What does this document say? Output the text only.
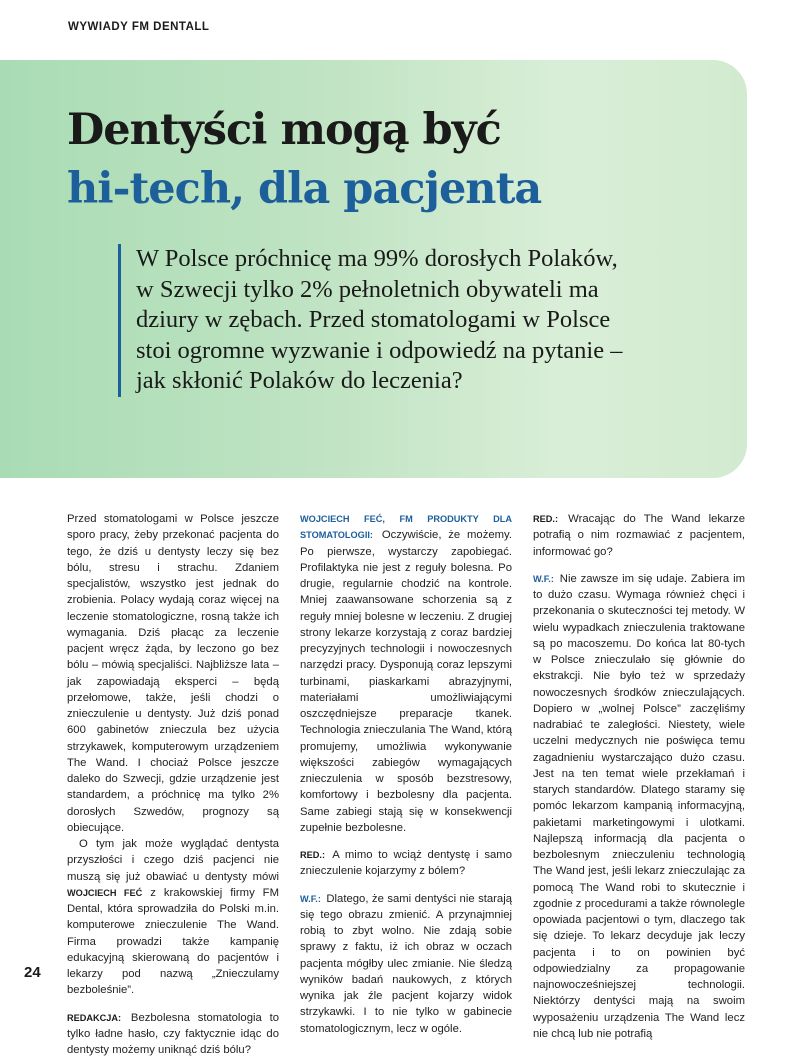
WYWIADY FM DENTALL
Dentyści mogą być
hi-tech, dla pacjenta

W Polsce próchnicę ma 99% dorosłych Polaków, w Szwecji tylko 2% pełnoletnich obywateli ma dziury w zębach. Przed stomatologami w Polsce stoi ogromne wyzwanie i odpowiedź na pytanie – jak skłonić Polaków do leczenia?

Przed stomatologami w Polsce jeszcze sporo pracy, żeby przekonać pacjenta do tego, że dziś u dentysty leczy się bez bólu, stresu i strachu. Zdaniem specjalistów, wszystko jest jednak do zrobienia. Polacy wydają coraz więcej na leczenie stomatologiczne, rosną także ich wymagania. Dziś płacąc za leczenie pacjent wręcz żąda, by leczono go bez bólu – mówią specjaliści. Najbliższe lata – jak zapowiadają eksperci – będą przełomowe, także, jeśli chodzi o znieczulenie u dentysty. Już dziś ponad 600 gabinetów znieczula bez użycia strzykawek, komputerowym urządzeniem The Wand. I chociaż Polsce jeszcze daleko do Szwecji, gdzie urządzenie jest standardem, a próchnicę ma tylko 2% dorosłych Szwedów, prognozy są obiecujące.

O tym jak może wyglądać dentysta przyszłości i czego dziś pacjenci nie muszą się już obawiać u dentysty mówi WOJCIECH FEĆ z krakowskiej firmy FM Dental, która sprowadziła do Polski m.in. komputerowe znieczulenie The Wand. Firma prowadzi także kampanię edukacyjną skierowaną do pacjentów i lekarzy pod nazwą „Znieczulamy bezboleśnie”.

REDAKCJA: Bezbolesna stomatologia to tylko ładne hasło, czy faktycznie idąc do dentysty możemy uniknąć dziś bólu?

WOJCIECH FEĆ, FM PRODUKTY DLA STOMATOLOGII: Oczywiście, że możemy. Po pierwsze, wystarczy zapobiegać. Profilaktyka nie jest z reguły bolesna. Po drugie, regularnie chodzić na kontrole. Mniej zaawansowane schorzenia są z reguły mniej bolesne w leczeniu. Z drugiej strony lekarze korzystają z coraz bardziej precyzyjnych technologii i nowoczesnych narzędzi pracy. Dysponują coraz lepszymi turbinami, piaskarkami abrazyjnymi, materiałami umożliwiającymi oszczędniejsze preparacje tkanek. Technologia znieczulania The Wand, którą promujemy, umożliwia wykonywanie większości zabiegów wymagających znieczulenia w sposób bezstresowy, komfortowy i bezbolesny dla pacjenta. Same zabiegi stają się w konsekwencji zupełnie bezbolesne.

RED.: A mimo to wciąż dentystę i samo znieczulenie kojarzymy z bólem?

W.F.: Dlatego, że sami dentyści nie starają się tego obrazu zmienić. A przynajmniej robią to zbyt wolno. Nie zdają sobie sprawy z faktu, iż ich obraz w oczach pacjenta mógłby ulec zmianie. Nie śledzą wyników badań naukowych, z których wynika jak źle pacjent kojarzy widok strzykawki. I to nie tylko w gabinecie stomatologicznym, lecz w ogóle.

RED.: Wracając do The Wand lekarze potrafią o nim rozmawiać z pacjentem, informować go?

W.F.: Nie zawsze im się udaje. Zabiera im to dużo czasu. Wymaga również chęci i przekonania o skuteczności tej metody. W wielu wypadkach znieczulenia traktowane są po macoszemu. Do końca lat 80-tych w Polsce znieczulało się głównie do ekstrakcji. Nie było też w sprzedaży nowoczesnych środków znieczulających. Dopiero w „wolnej Polsce” zaczęliśmy nadrabiać te zaległości. Niestety, wiele uczelni medycznych nie poświęca temu zagadnieniu wystarczająco dużo czasu. Jest na ten temat wiele przekłamań i starych standardów. Dlatego staramy się pomóc lekarzom kampanią informacyjną, pakietami marketingowymi i ulotkami. Najlepszą informacją dla pacjenta o bezbolesnym znieczuleniu technologią The Wand jest, jeśli lekarz znieczulając za pomocą The Wand robi to skutecznie i zgodnie z procedurami a także równolegle opowiada pacjentowi o tym, dlaczego tak się dzieje. To lekarz decyduje jak leczy pacjenta i to on powinien być odpowiedzialny za propagowanie najnowocześniejszej technologii. Niektórzy dentyści mają na swoim wyposażeniu urządzenia The Wand lecz nie chcą lub nie potrafią

24
